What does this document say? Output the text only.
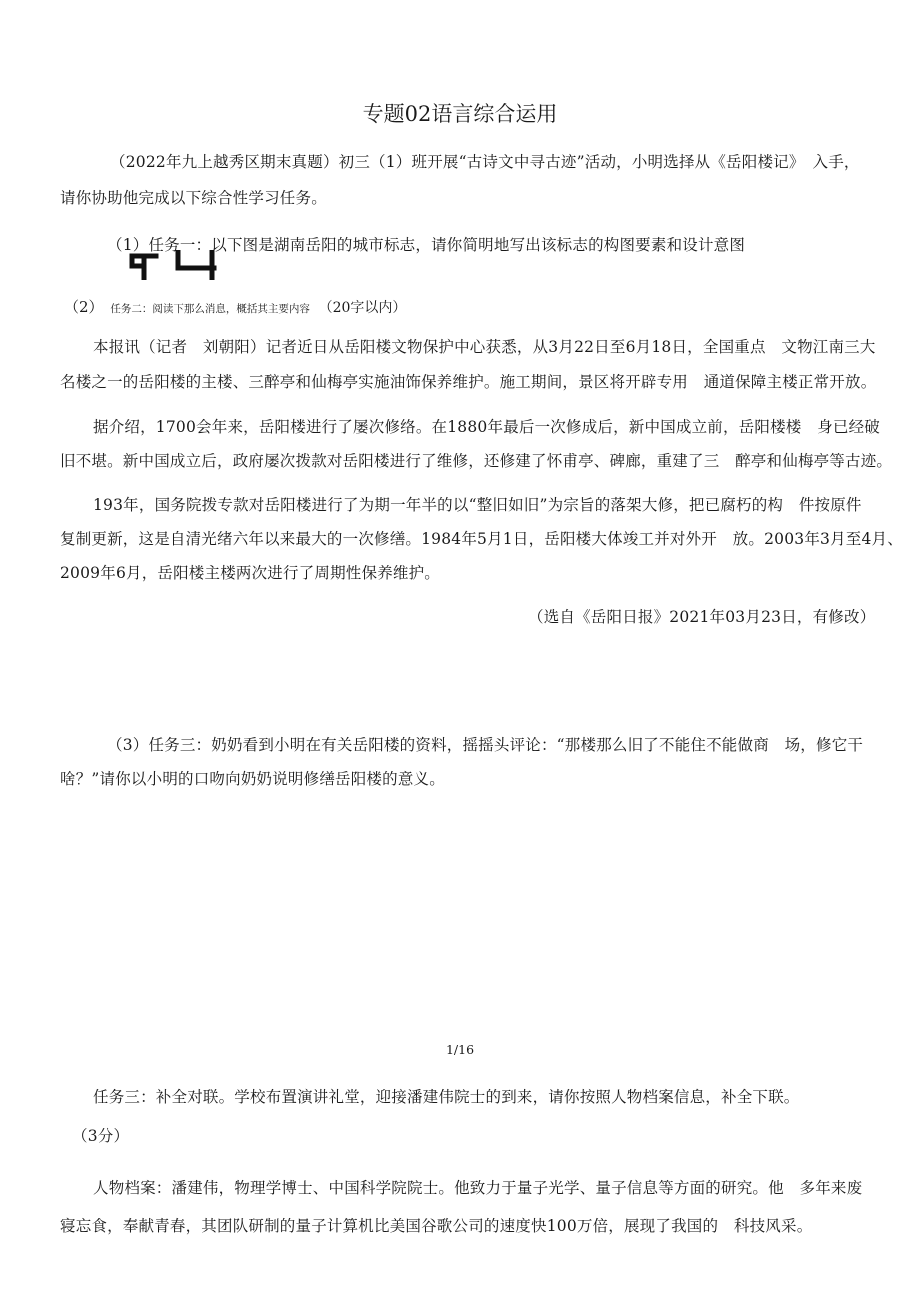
专题02语言综合运用
（2022年九上越秀区期末真题）初三（1）班开展“古诗文中寻古迹”活动，小明选择从《岳阳楼记》　入手，
请你协助他完成以下综合性学习任务。
（1）任务一：以下图是湖南岳阳的城市标志，请你简明地写出该标志的构图要素和设计意图
（2） 任务二：阅读下那么消息，概括其主要内容 （20字以内）
本报讯（记者　刘朝阳）记者近日从岳阳楼文物保护中心获悉，从3月22日至6月18日，全国重点　文物江南三大
名楼之一的岳阳楼的主楼、三醉亭和仙梅亭实施油饰保养维护。施工期间，景区将开辟专用　通道保障主楼正常开放。
据介绍，1700会年来，岳阳楼进行了屡次修络。在1880年最后一次修成后，新中国成立前，岳阳楼楼　身已经破
旧不堪。新中国成立后，政府屡次拨款对岳阳楼进行了维修，还修建了怀甫亭、碑廊，重建了三　醉亭和仙梅亭等古迹。
193年，国务院拨专款对岳阳楼进行了为期一年半的以“整旧如旧”为宗旨的落架大修，把已腐朽的构　件按原件
复制更新，这是自清光绪六年以来最大的一次修缮。1984年5月1日，岳阳楼大体竣工并对外开　放。2003年3月至4月、
2009年6月，岳阳楼主楼两次进行了周期性保养维护。
（选自《岳阳日报》2021年03月23日，有修改）
（3）任务三：奶奶看到小明在有关岳阳楼的资料，摇摇头评论：“那楼那么旧了不能住不能做商　场，修它干
啥？”请你以小明的口吻向奶奶说明修缮岳阳楼的意义。
1/16
任务三：补全对联。学校布置演讲礼堂，迎接潘建伟院士的到来，请你按照人物档案信息，补全下联。
（3分）
人物档案：潘建伟，物理学博士、中国科学院院士。他致力于量子光学、量子信息等方面的研究。他　多年来废
寝忘食，奉献青春，其团队研制的量子计算机比美国谷歌公司的速度快100万倍，展现了我国的　科技风采。
